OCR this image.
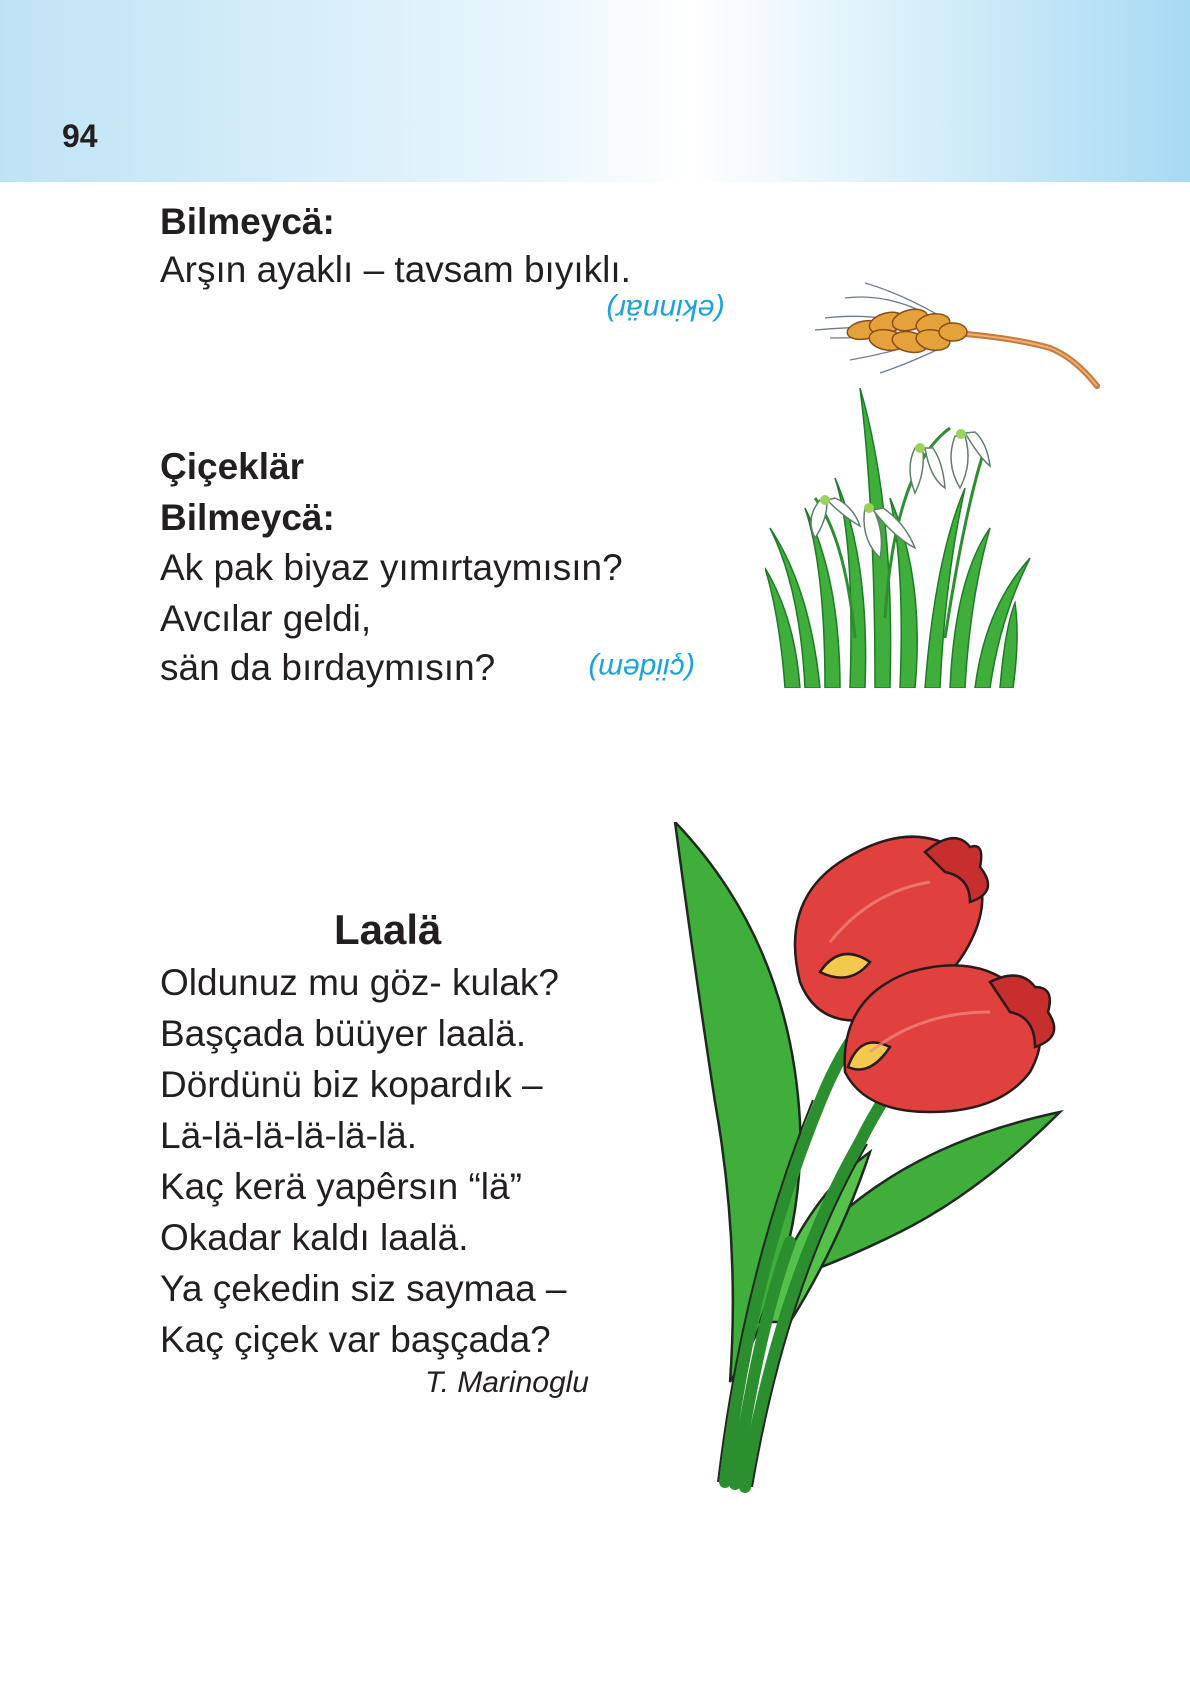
94
Bilmeycä:
Arşın ayaklı – tavsam bıyıklı.
(ekinnär)
Çiçeklär
Bilmeycä:
Ak pak biyaz yımırtaymısın?
Avcılar geldi,
sän da bırdaymısın?	(çiidem)
Laalä
Oldunuz mu göz- kulak?
Başçada büüyer laalä.
Dördünü biz kopardık –
Lä-lä-lä-lä-lä-lä.
Kaç kerä yapêrsın “lä”
Okadar kaldı laalä.
Ya çekedin siz saymaa –
Kaç çiçek var başçada?
T. Marinoglu
